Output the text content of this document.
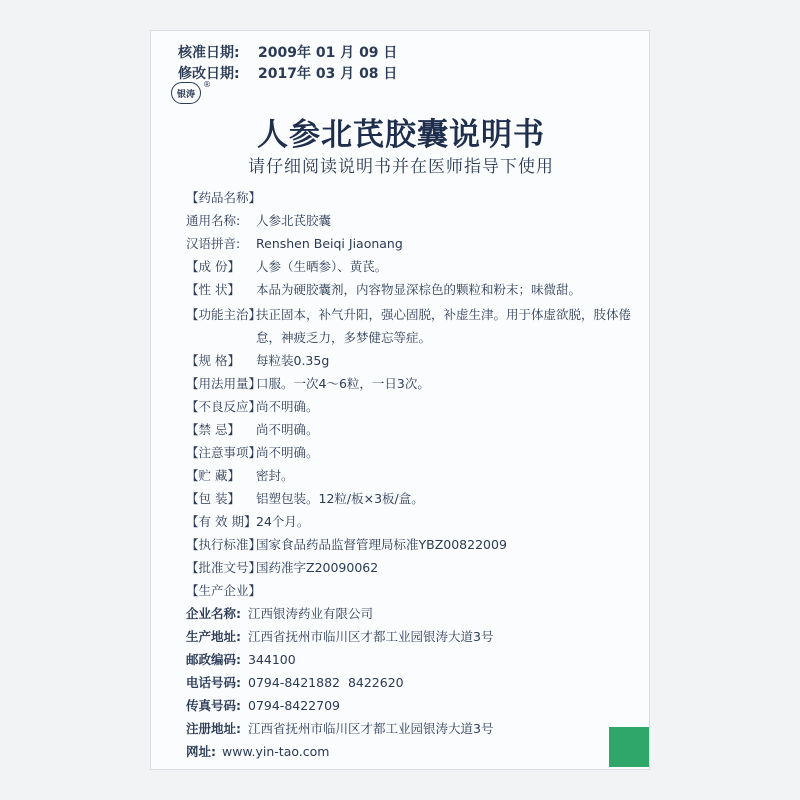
核准日期: 2009年 01 月 09 日
修改日期: 2017年 03 月 08 日
银涛
®
人参北芪胶囊说明书
请仔细阅读说明书并在医师指导下使用
【药品名称】
通用名称: 人参北芪胶囊
汉语拼音: Renshen Beiqi Jiaonang
【成 份】 人参（生晒参）、黄芪。
【性 状】 本品为硬胶囊剂，内容物显深棕色的颗粒和粉末；味微甜。
【功能主治】
扶正固本，补气升阳，强心固脱，补虚生津。用于体虚欲脱，肢体倦怠，神疲乏力，多梦健忘等症。
【规 格】 每粒装0.35g
【用法用量】口服。一次4～6粒，一日3次。
【不良反应】尚不明确。
【禁 忌】 尚不明确。
【注意事项】尚不明确。
【贮 藏】 密封。
【包 装】 铝塑包装。12粒/板×3板/盒。
【有 效 期】24个月。
【执行标准】国家食品药品监督管理局标准YBZ00822009
【批准文号】国药准字Z20090062
【生产企业】
企业名称: 江西银涛药业有限公司
生产地址: 江西省抚州市临川区才都工业园银涛大道3号
邮政编码: 344100
电话号码: 0794-8421882  8422620
传真号码: 0794-8422709
注册地址: 江西省抚州市临川区才都工业园银涛大道3号
网址: www.yin-tao.com
